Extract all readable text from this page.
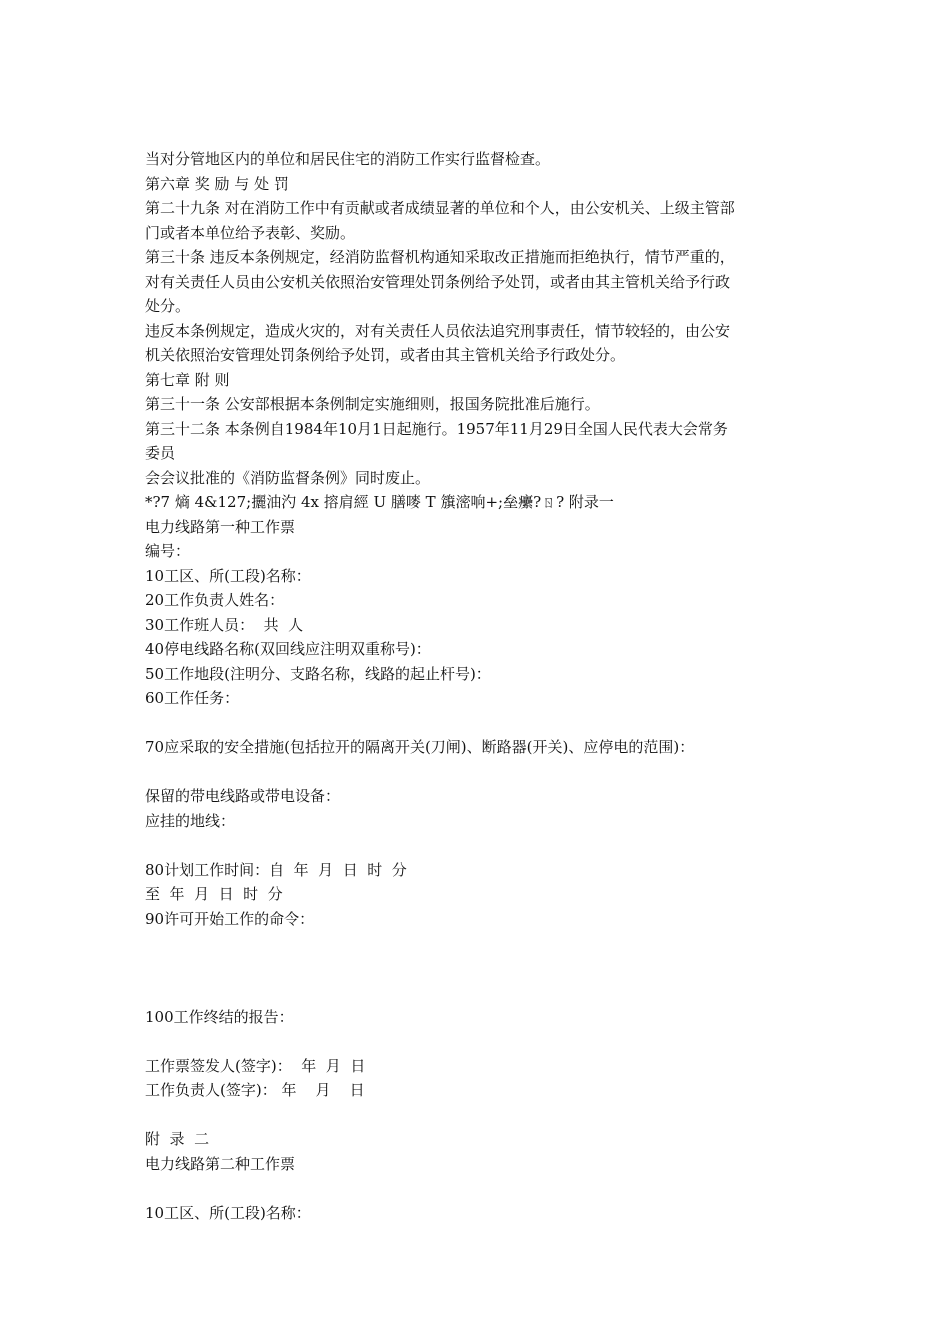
当对分管地区内的单位和居民住宅的消防工作实行监督检查。
第六章 奖 励 与 处 罚
第二十九条 对在消防工作中有贡献或者成绩显著的单位和个人，由公安机关、上级主管部
门或者本单位给予表彰、奖励。
第三十条 违反本条例规定，经消防监督机构通知采取改正措施而拒绝执行，情节严重的，
对有关责任人员由公安机关依照治安管理处罚条例给予处罚，或者由其主管机关给予行政
处分。
违反本条例规定，造成火灾的，对有关责任人员依法追究刑事责任，情节较轻的，由公安
机关依照治安管理处罚条例给予处罚，或者由其主管机关给予行政处分。
第七章 附 则
第三十一条 公安部根据本条例制定实施细则，报国务院批准后施行。
第三十二条 本条例自1984年10月1日起施行。1957年11月29日全国人民代表大会常务
委员
会会议批准的《消防监督条例》同时废止。
*?7 熵 4&127;攦油汋 4x 搈肩經 U 膳嘜 T 籏滵响+;垒癳?ㄖ? 附录一
电力线路第一种工作票
编号：
10工区、所(工段)名称：
20工作负责人姓名：
30工作班人员：  共  人
40停电线路名称(双回线应注明双重称号)：
50工作地段(注明分、支路名称，线路的起止杆号)：
60工作任务：
70应采取的安全措施(包括拉开的隔离开关(刀闸)、断路器(开关)、应停电的范围)：
保留的带电线路或带电设备：
应挂的地线：
80计划工作时间：自  年  月  日  时  分
至  年  月  日  时  分
90许可开始工作的命令：
100工作终结的报告：
工作票签发人(签字)：  年  月  日
工作负责人(签字)： 年    月    日
附  录  二
电力线路第二种工作票
10工区、所(工段)名称：
